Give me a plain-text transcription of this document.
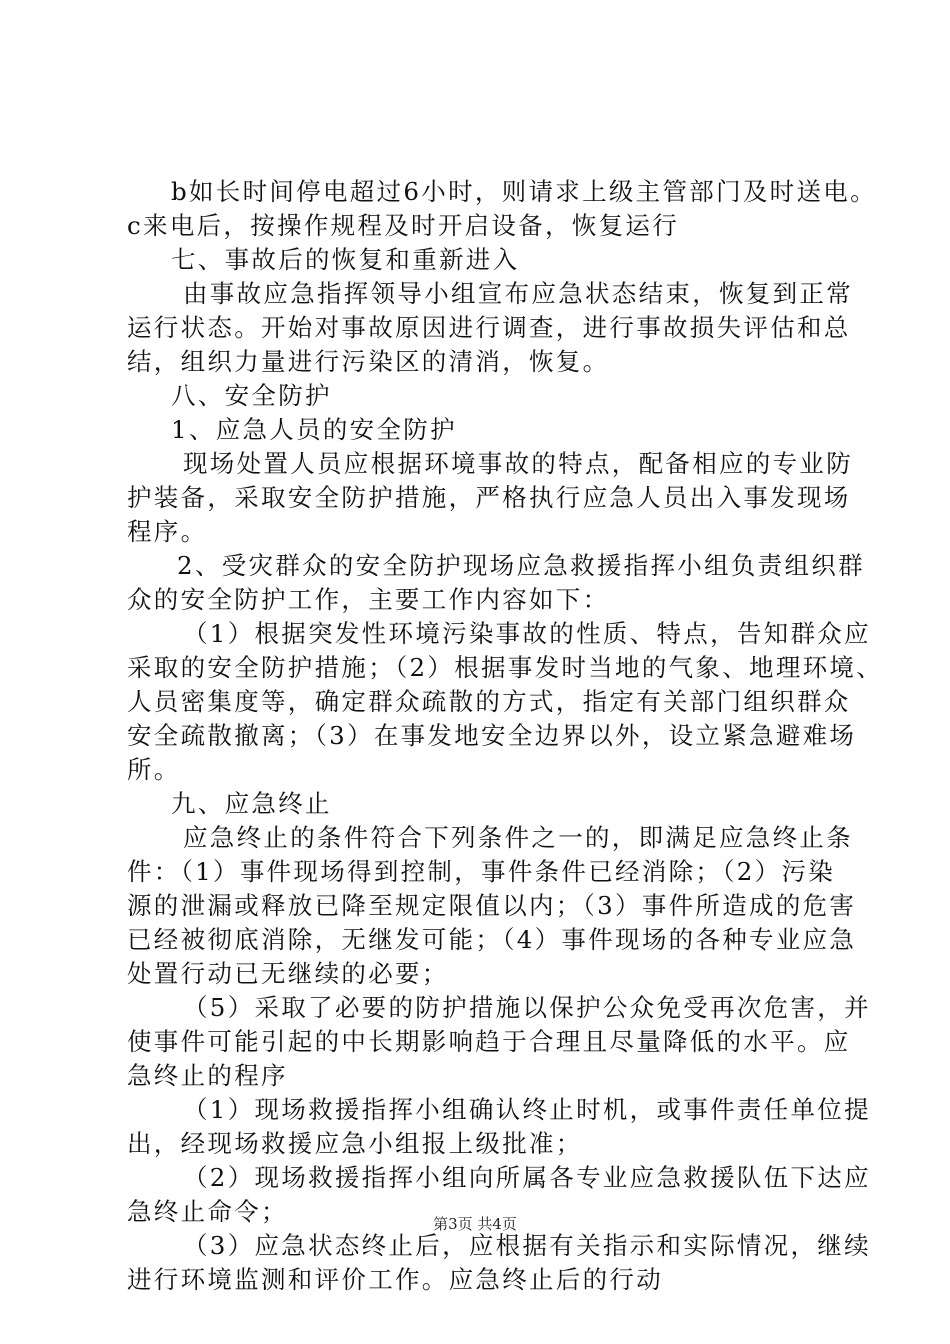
b如长时间停电超过6小时，则请求上级主管部门及时送电。
c来电后，按操作规程及时开启设备，恢复运行
七、事故后的恢复和重新进入
由事故应急指挥领导小组宣布应急状态结束，恢复到正常
运行状态。开始对事故原因进行调查，进行事故损失评估和总
结，组织力量进行污染区的清消，恢复。
八、安全防护
1、应急人员的安全防护
现场处置人员应根据环境事故的特点，配备相应的专业防
护装备，采取安全防护措施，严格执行应急人员出入事发现场
程序。
2、受灾群众的安全防护现场应急救援指挥小组负责组织群
众的安全防护工作，主要工作内容如下：
（1）根据突发性环境污染事故的性质、特点，告知群众应
采取的安全防护措施；（2）根据事发时当地的气象、地理环境、
人员密集度等，确定群众疏散的方式，指定有关部门组织群众
安全疏散撤离；（3）在事发地安全边界以外，设立紧急避难场
所。
九、应急终止
应急终止的条件符合下列条件之一的，即满足应急终止条
件：（1）事件现场得到控制，事件条件已经消除；（2）污染
源的泄漏或释放已降至规定限值以内；（3）事件所造成的危害
已经被彻底消除，无继发可能；（4）事件现场的各种专业应急
处置行动已无继续的必要；
（5）采取了必要的防护措施以保护公众免受再次危害，并
使事件可能引起的中长期影响趋于合理且尽量降低的水平。应
急终止的程序
（1）现场救援指挥小组确认终止时机，或事件责任单位提
出，经现场救援应急小组报上级批准；
（2）现场救援指挥小组向所属各专业应急救援队伍下达应
急终止命令；
（3）应急状态终止后，应根据有关指示和实际情况，继续
进行环境监测和评价工作。应急终止后的行动
第3页 共4页
